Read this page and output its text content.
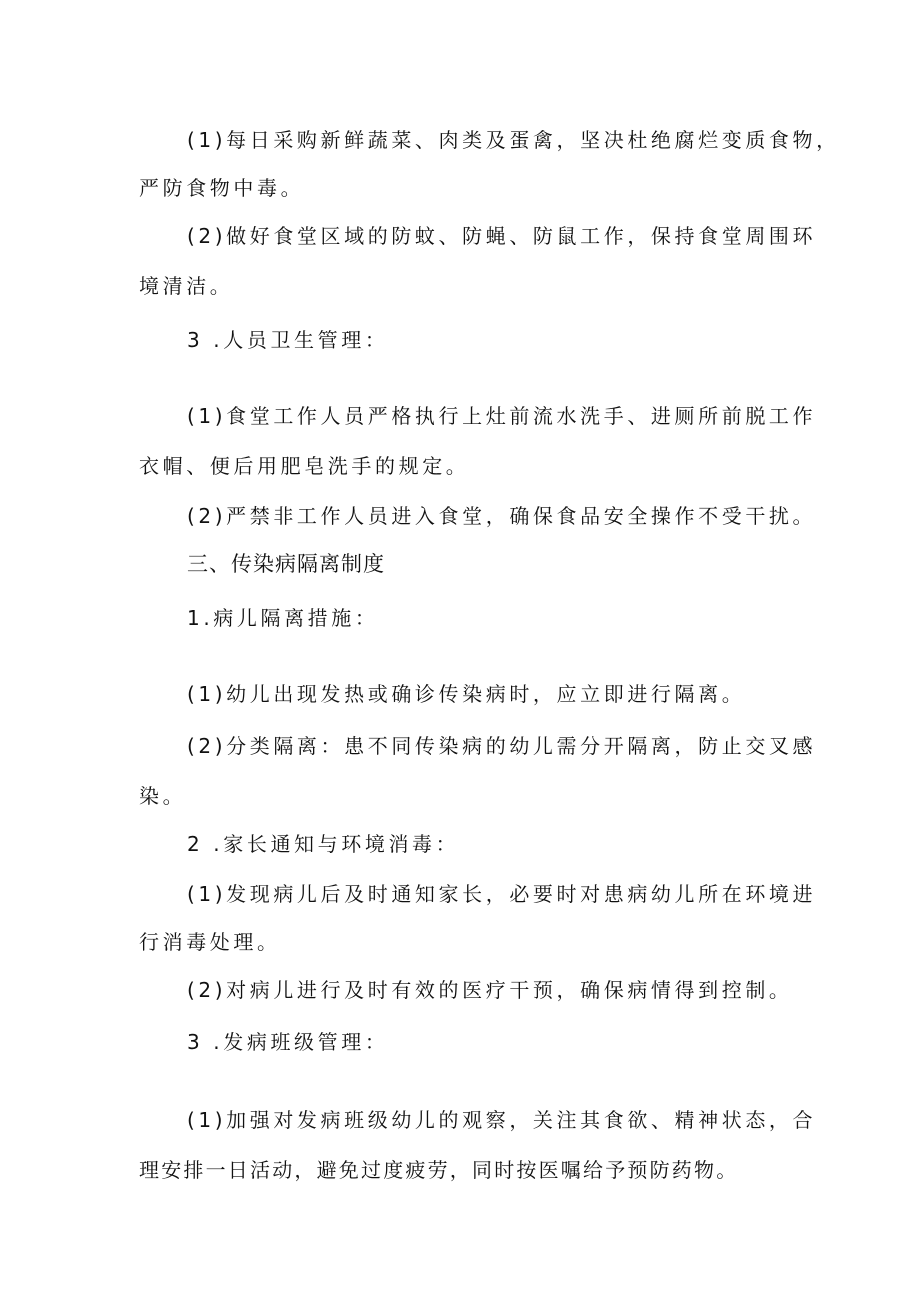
(1)每日采购新鲜蔬菜、肉类及蛋禽，坚决杜绝腐烂变质食物，
严防食物中毒。
(2)做好食堂区域的防蚊、防蝇、防鼠工作，保持食堂周围环
境清洁。
3 .人员卫生管理：
(1)食堂工作人员严格执行上灶前流水洗手、进厕所前脱工作
衣帽、便后用肥皂洗手的规定。
(2)严禁非工作人员进入食堂，确保食品安全操作不受干扰。
三、传染病隔离制度
1.病儿隔离措施：
(1)幼儿出现发热或确诊传染病时，应立即进行隔离。
(2)分类隔离：患不同传染病的幼儿需分开隔离，防止交叉感
染。
2 .家长通知与环境消毒：
(1)发现病儿后及时通知家长，必要时对患病幼儿所在环境进
行消毒处理。
(2)对病儿进行及时有效的医疗干预，确保病情得到控制。
3 .发病班级管理：
(1)加强对发病班级幼儿的观察，关注其食欲、精神状态，合
理安排一日活动，避免过度疲劳，同时按医嘱给予预防药物。
